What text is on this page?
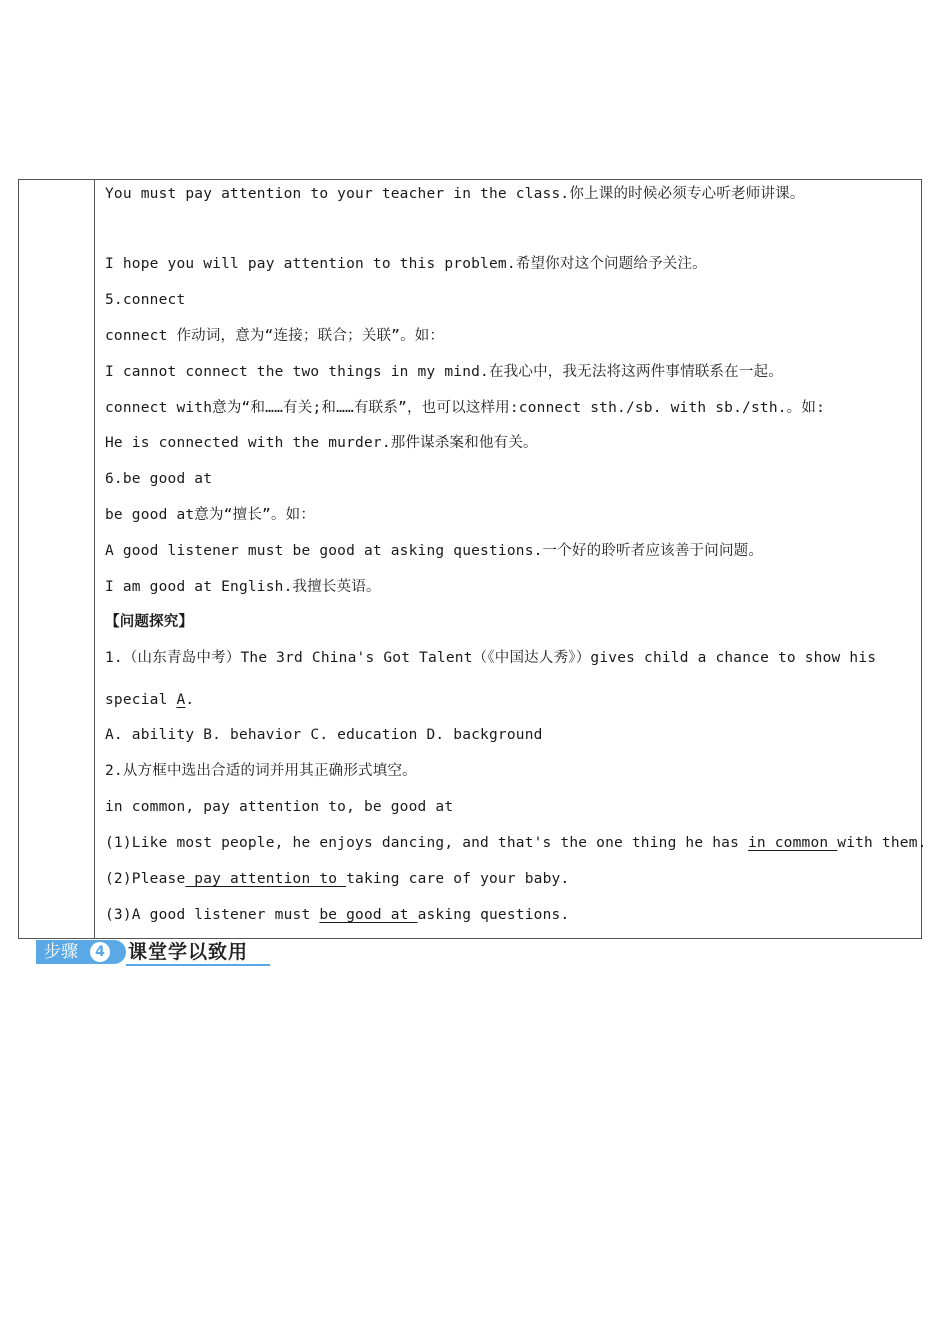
You must pay attention to your teacher in the class.你上课的时候必须专心听老师讲课。
I hope you will pay attention to this problem.希望你对这个问题给予关注。
5.connect
connect 作动词，意为“连接；联合；关联”。如：
I cannot connect the two things in my mind.在我心中，我无法将这两件事情联系在一起。
connect with意为“和……有关;和……有联系”，也可以这样用:connect sth./sb. with sb./sth.。如:
He is connected with the murder.那件谋杀案和他有关。
6.be good at
be good at意为“擅长”。如：
A good listener must be good at asking questions.一个好的聆听者应该善于问问题。
I am good at English.我擅长英语。
【问题探究】
1.（山东青岛中考）The 3rd China's Got Talent（《中国达人秀》）gives child a chance to show his
special A.
A. ability B. behavior C. education D. background
2.从方框中选出合适的词并用其正确形式填空。
in common, pay attention to, be good at
(1)Like most people, he enjoys dancing, and that's the one thing he has in common with them.
(2)Please pay attention to taking care of your baby.
(3)A good listener must be good at asking questions.
步骤	4 课堂学以致用
